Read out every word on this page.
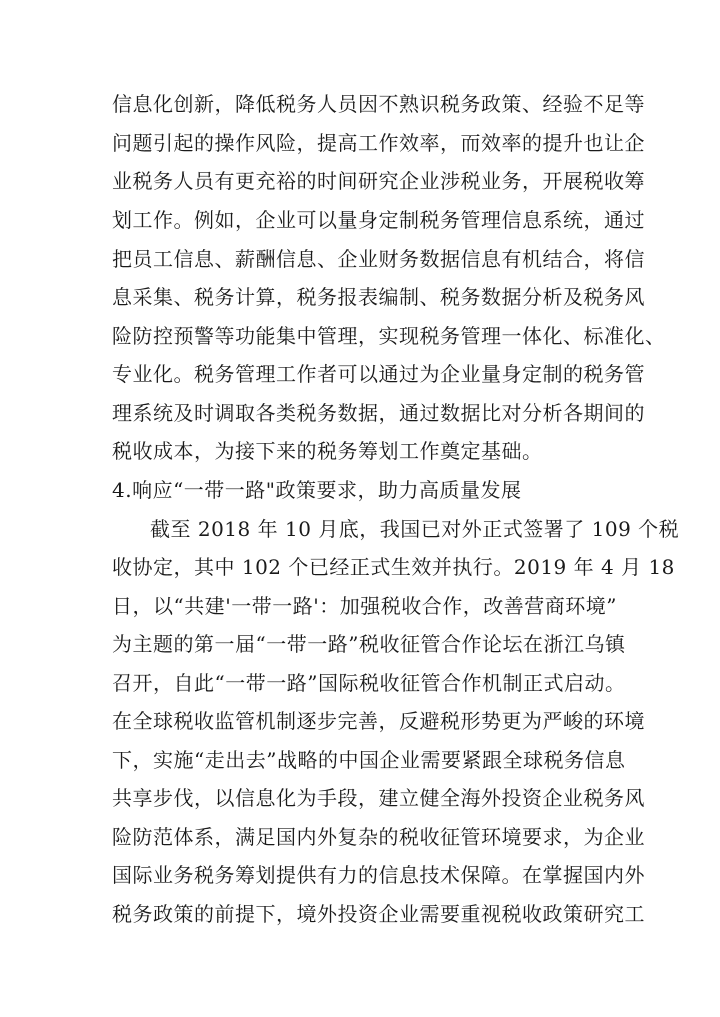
信息化创新，降低税务人员因不熟识税务政策、经验不足等
问题引起的操作风险，提高工作效率，而效率的提升也让企
业税务人员有更充裕的时间研究企业涉税业务，开展税收筹
划工作。例如，企业可以量身定制税务管理信息系统，通过
把员工信息、薪酬信息、企业财务数据信息有机结合，将信
息采集、税务计算，税务报表编制、税务数据分析及税务风
险防控预警等功能集中管理，实现税务管理一体化、标准化、
专业化。税务管理工作者可以通过为企业量身定制的税务管
理系统及时调取各类税务数据，通过数据比对分析各期间的
税收成本，为接下来的税务筹划工作奠定基础。
4.响应“一带一路"政策要求，助力高质量发展
截至 2018 年 10 月底，我国已对外正式签署了 109 个税
收协定，其中 102 个已经正式生效并执行。2019 年 4 月 18
日，以“共建'一带一路'：加强税收合作，改善营商环境”
为主题的第一届“一带一路”税收征管合作论坛在浙江乌镇
召开，自此“一带一路”国际税收征管合作机制正式启动。
在全球税收监管机制逐步完善，反避税形势更为严峻的环境
下，实施“走出去”战略的中国企业需要紧跟全球税务信息
共享步伐，以信息化为手段，建立健全海外投资企业税务风
险防范体系，满足国内外复杂的税收征管环境要求，为企业
国际业务税务筹划提供有力的信息技术保障。在掌握国内外
税务政策的前提下，境外投资企业需要重视税收政策研究工
